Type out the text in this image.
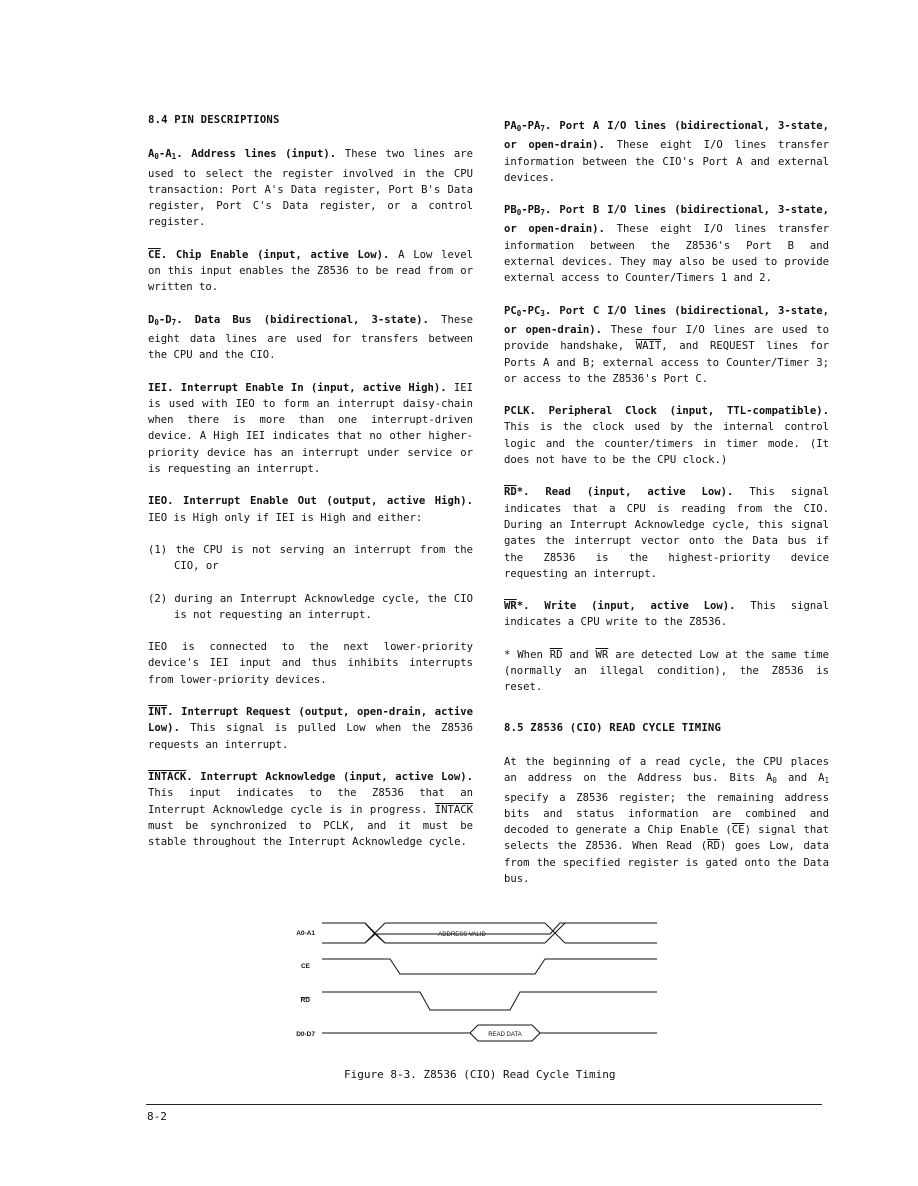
8.4 PIN DESCRIPTIONS
$A_0-A_1$. Address lines (input). These two lines are used to select the register involved in the CPU transaction: Port A's Data register, Port B's Data register, Port C's Data register, or a control register.
$\overline{CE}$. Chip Enable (input, active Low). A Low level on this input enables the Z8536 to be read from or written to.
$D_0-D_7$. Data Bus (bidirectional, 3-state). These eight data lines are used for transfers between the CPU and the CIO.
IEI. Interrupt Enable In (input, active High). IEI is used with IEO to form an interrupt daisy-chain when there is more than one interrupt-driven device. A High IEI indicates that no other higher-priority device has an interrupt under service or is requesting an interrupt.
IEO. Interrupt Enable Out (output, active High). IEO is High only if IEI is High and either:
(1) the CPU is not serving an interrupt from the CIO, or
(2) during an Interrupt Acknowledge cycle, the CIO is not requesting an interrupt.
IEO is connected to the next lower-priority device's IEI input and thus inhibits interrupts from lower-priority devices.
$\overline{INT}$. Interrupt Request (output, open-drain, active Low). This signal is pulled Low when the Z8536 requests an interrupt.
INTACK. Interrupt Acknowledge (input, active Low). This input indicates to the Z8536 that an Interrupt Acknowledge cycle is in progress. INTACK must be synchronized to PCLK, and it must be stable throughout the Interrupt Acknowledge cycle.
$PA_0-PA_7$. Port A I/O lines (bidirectional, 3-state, or open-drain). These eight I/O lines transfer information between the CIO's Port A and external devices.
$PB_0-PB_7$. Port B I/O lines (bidirectional, 3-state, or open-drain). These eight I/O lines transfer information between the Z8536's Port B and external devices. They may also be used to provide external access to Counter/Timers 1 and 2.
$PC_0-PC_3$. Port C I/O lines (bidirectional, 3-state, or open-drain). These four I/O lines are used to provide handshake, WAIT, and REQUEST lines for Ports A and B; external access to Counter/Timer 3; or access to the Z8536's Port C.
PCLK. Peripheral Clock (input, TTL-compatible). This is the clock used by the internal control logic and the counter/timers in timer mode. (It does not have to be the CPU clock.)
$\overline{RD}*$. Read (input, active Low). This signal indicates that a CPU is reading from the CIO. During an Interrupt Acknowledge cycle, this signal gates the interrupt vector onto the Data bus if the Z8536 is the highest-priority device requesting an interrupt.
$\overline{WR}*$. Write (input, active Low). This signal indicates a CPU write to the Z8536.
* When $\overline{RD}$ and $\overline{WR}$ are detected Low at the same time (normally an illegal condition), the Z8536 is reset.
8.5 Z8536 (CIO) READ CYCLE TIMING
At the beginning of a read cycle, the CPU places an address on the Address bus. Bits $A_0$ and $A_1$ specify a Z8536 register; the remaining address bits and status information are combined and decoded to generate a Chip Enable $(\overline{CE})$ signal that selects the Z8536. When Read $(\overline{RD})$ goes Low, data from the specified register is gated onto the Data bus.
A0-A1
CE
RD
D0-D7
ADDRESS VALID
READ DATA
Figure 8-3. Z8536 (CIO) Read Cycle Timing
8-2
